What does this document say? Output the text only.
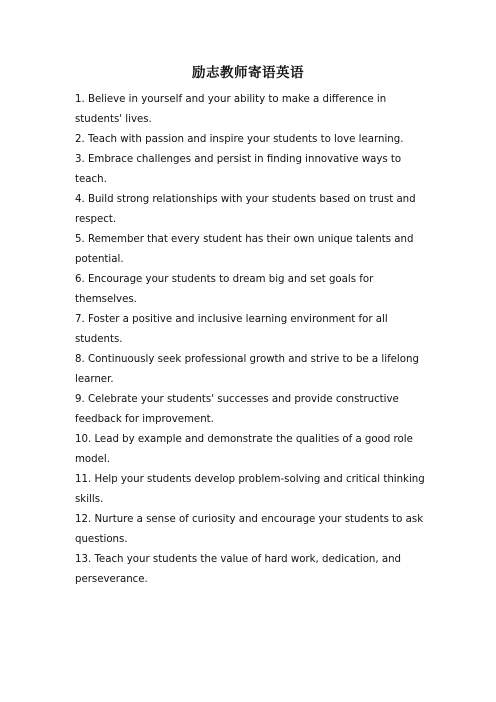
励志教师寄语英语

1. Believe in yourself and your ability to make a difference in students' lives.

2. Teach with passion and inspire your students to love learning.

3. Embrace challenges and persist in finding innovative ways to teach.

4. Build strong relationships with your students based on trust and respect.

5. Remember that every student has their own unique talents and potential.

6. Encourage your students to dream big and set goals for themselves.

7. Foster a positive and inclusive learning environment for all students.

8. Continuously seek professional growth and strive to be a lifelong learner.

9. Celebrate your students' successes and provide constructive feedback for improvement.

10. Lead by example and demonstrate the qualities of a good role model.

11. Help your students develop problem-solving and critical thinking skills.

12. Nurture a sense of curiosity and encourage your students to ask questions.

13. Teach your students the value of hard work, dedication, and perseverance.
